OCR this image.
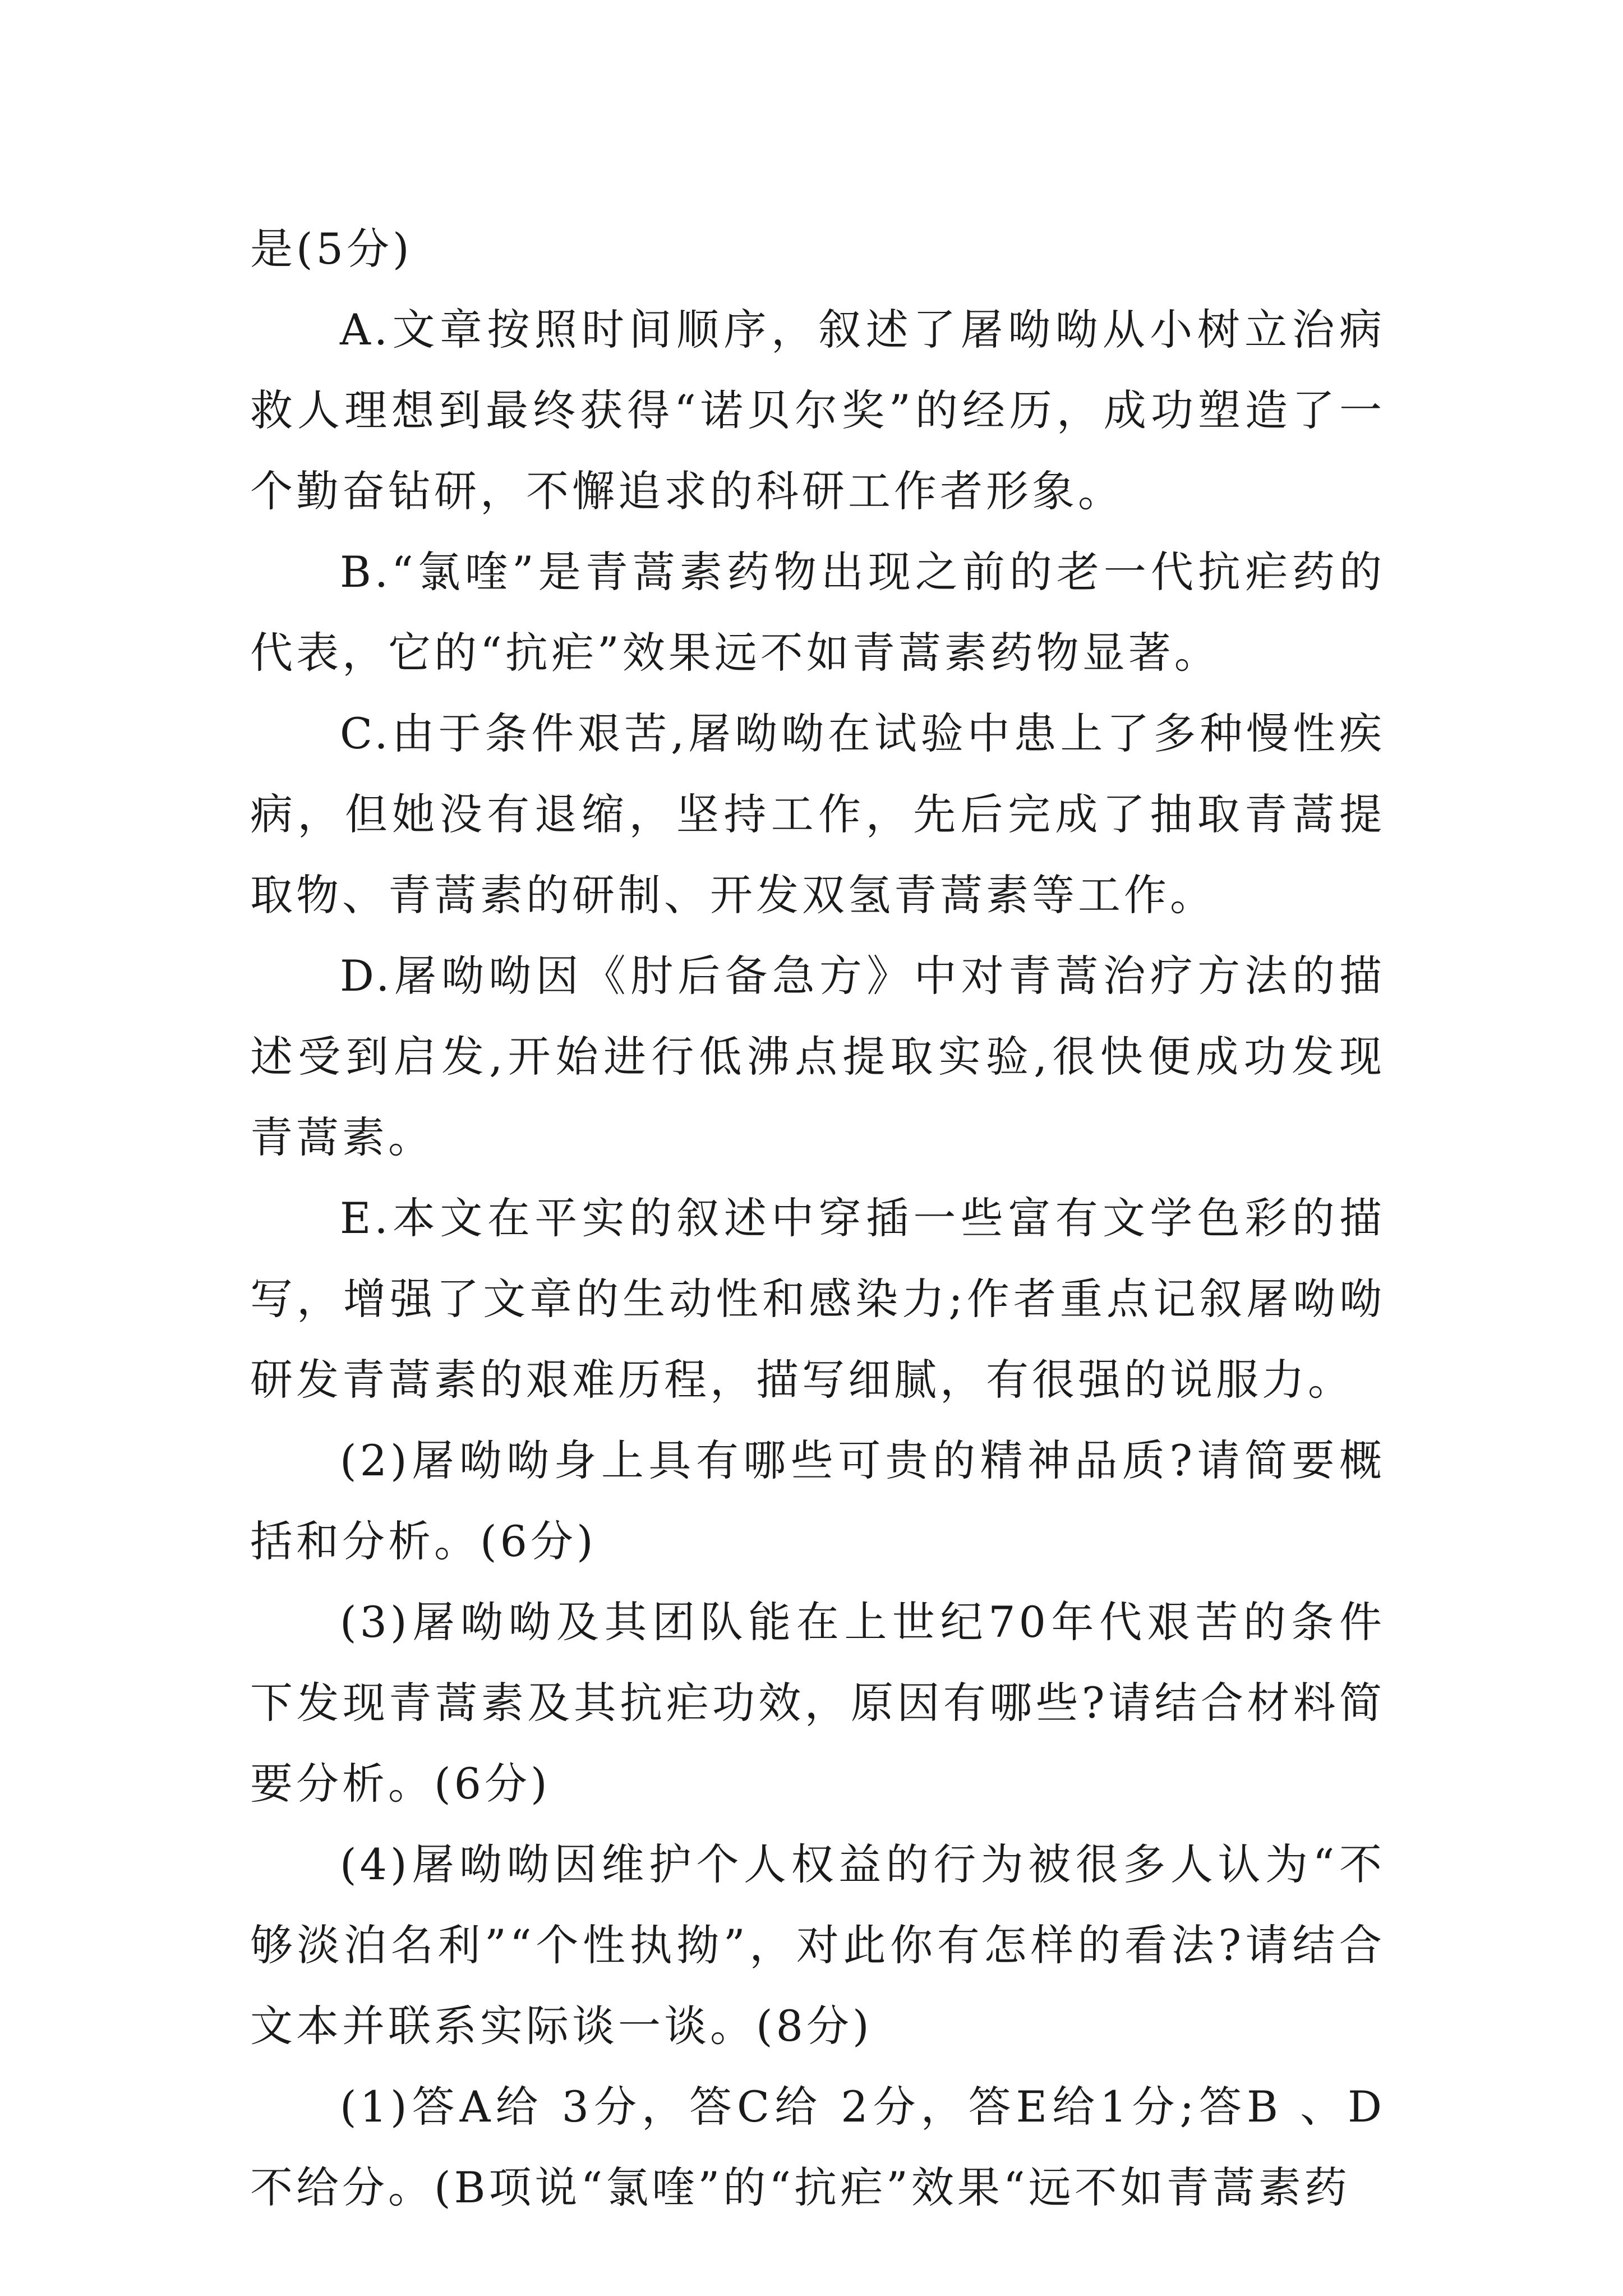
是(5分)

A.文章按照时间顺序，叙述了屠呦呦从小树立治病救人理想到最终获得“诺贝尔奖”的经历，成功塑造了一个勤奋钻研，不懈追求的科研工作者形象。

B.“氯喹”是青蒿素药物出现之前的老一代抗疟药的代表，它的“抗疟”效果远不如青蒿素药物显著。

C.由于条件艰苦,屠呦呦在试验中患上了多种慢性疾病，但她没有退缩，坚持工作，先后完成了抽取青蒿提取物、青蒿素的研制、开发双氢青蒿素等工作。

D.屠呦呦因《肘后备急方》中对青蒿治疗方法的描述受到启发,开始进行低沸点提取实验,很快便成功发现青蒿素。

E.本文在平实的叙述中穿插一些富有文学色彩的描写，增强了文章的生动性和感染力;作者重点记叙屠呦呦研发青蒿素的艰难历程，描写细腻，有很强的说服力。

(2)屠呦呦身上具有哪些可贵的精神品质?请简要概括和分析。(6分)

(3)屠呦呦及其团队能在上世纪70年代艰苦的条件下发现青蒿素及其抗疟功效，原因有哪些?请结合材料简要分析。(6分)

(4)屠呦呦因维护个人权益的行为被很多人认为“不够淡泊名利”“个性执拗”，对此你有怎样的看法?请结合文本并联系实际谈一谈。(8分)

(1)答A给 3分，答C给 2分，答E给1分;答B 、D不给分。(B项说“氯喹”的“抗疟”效果“远不如青蒿素药
